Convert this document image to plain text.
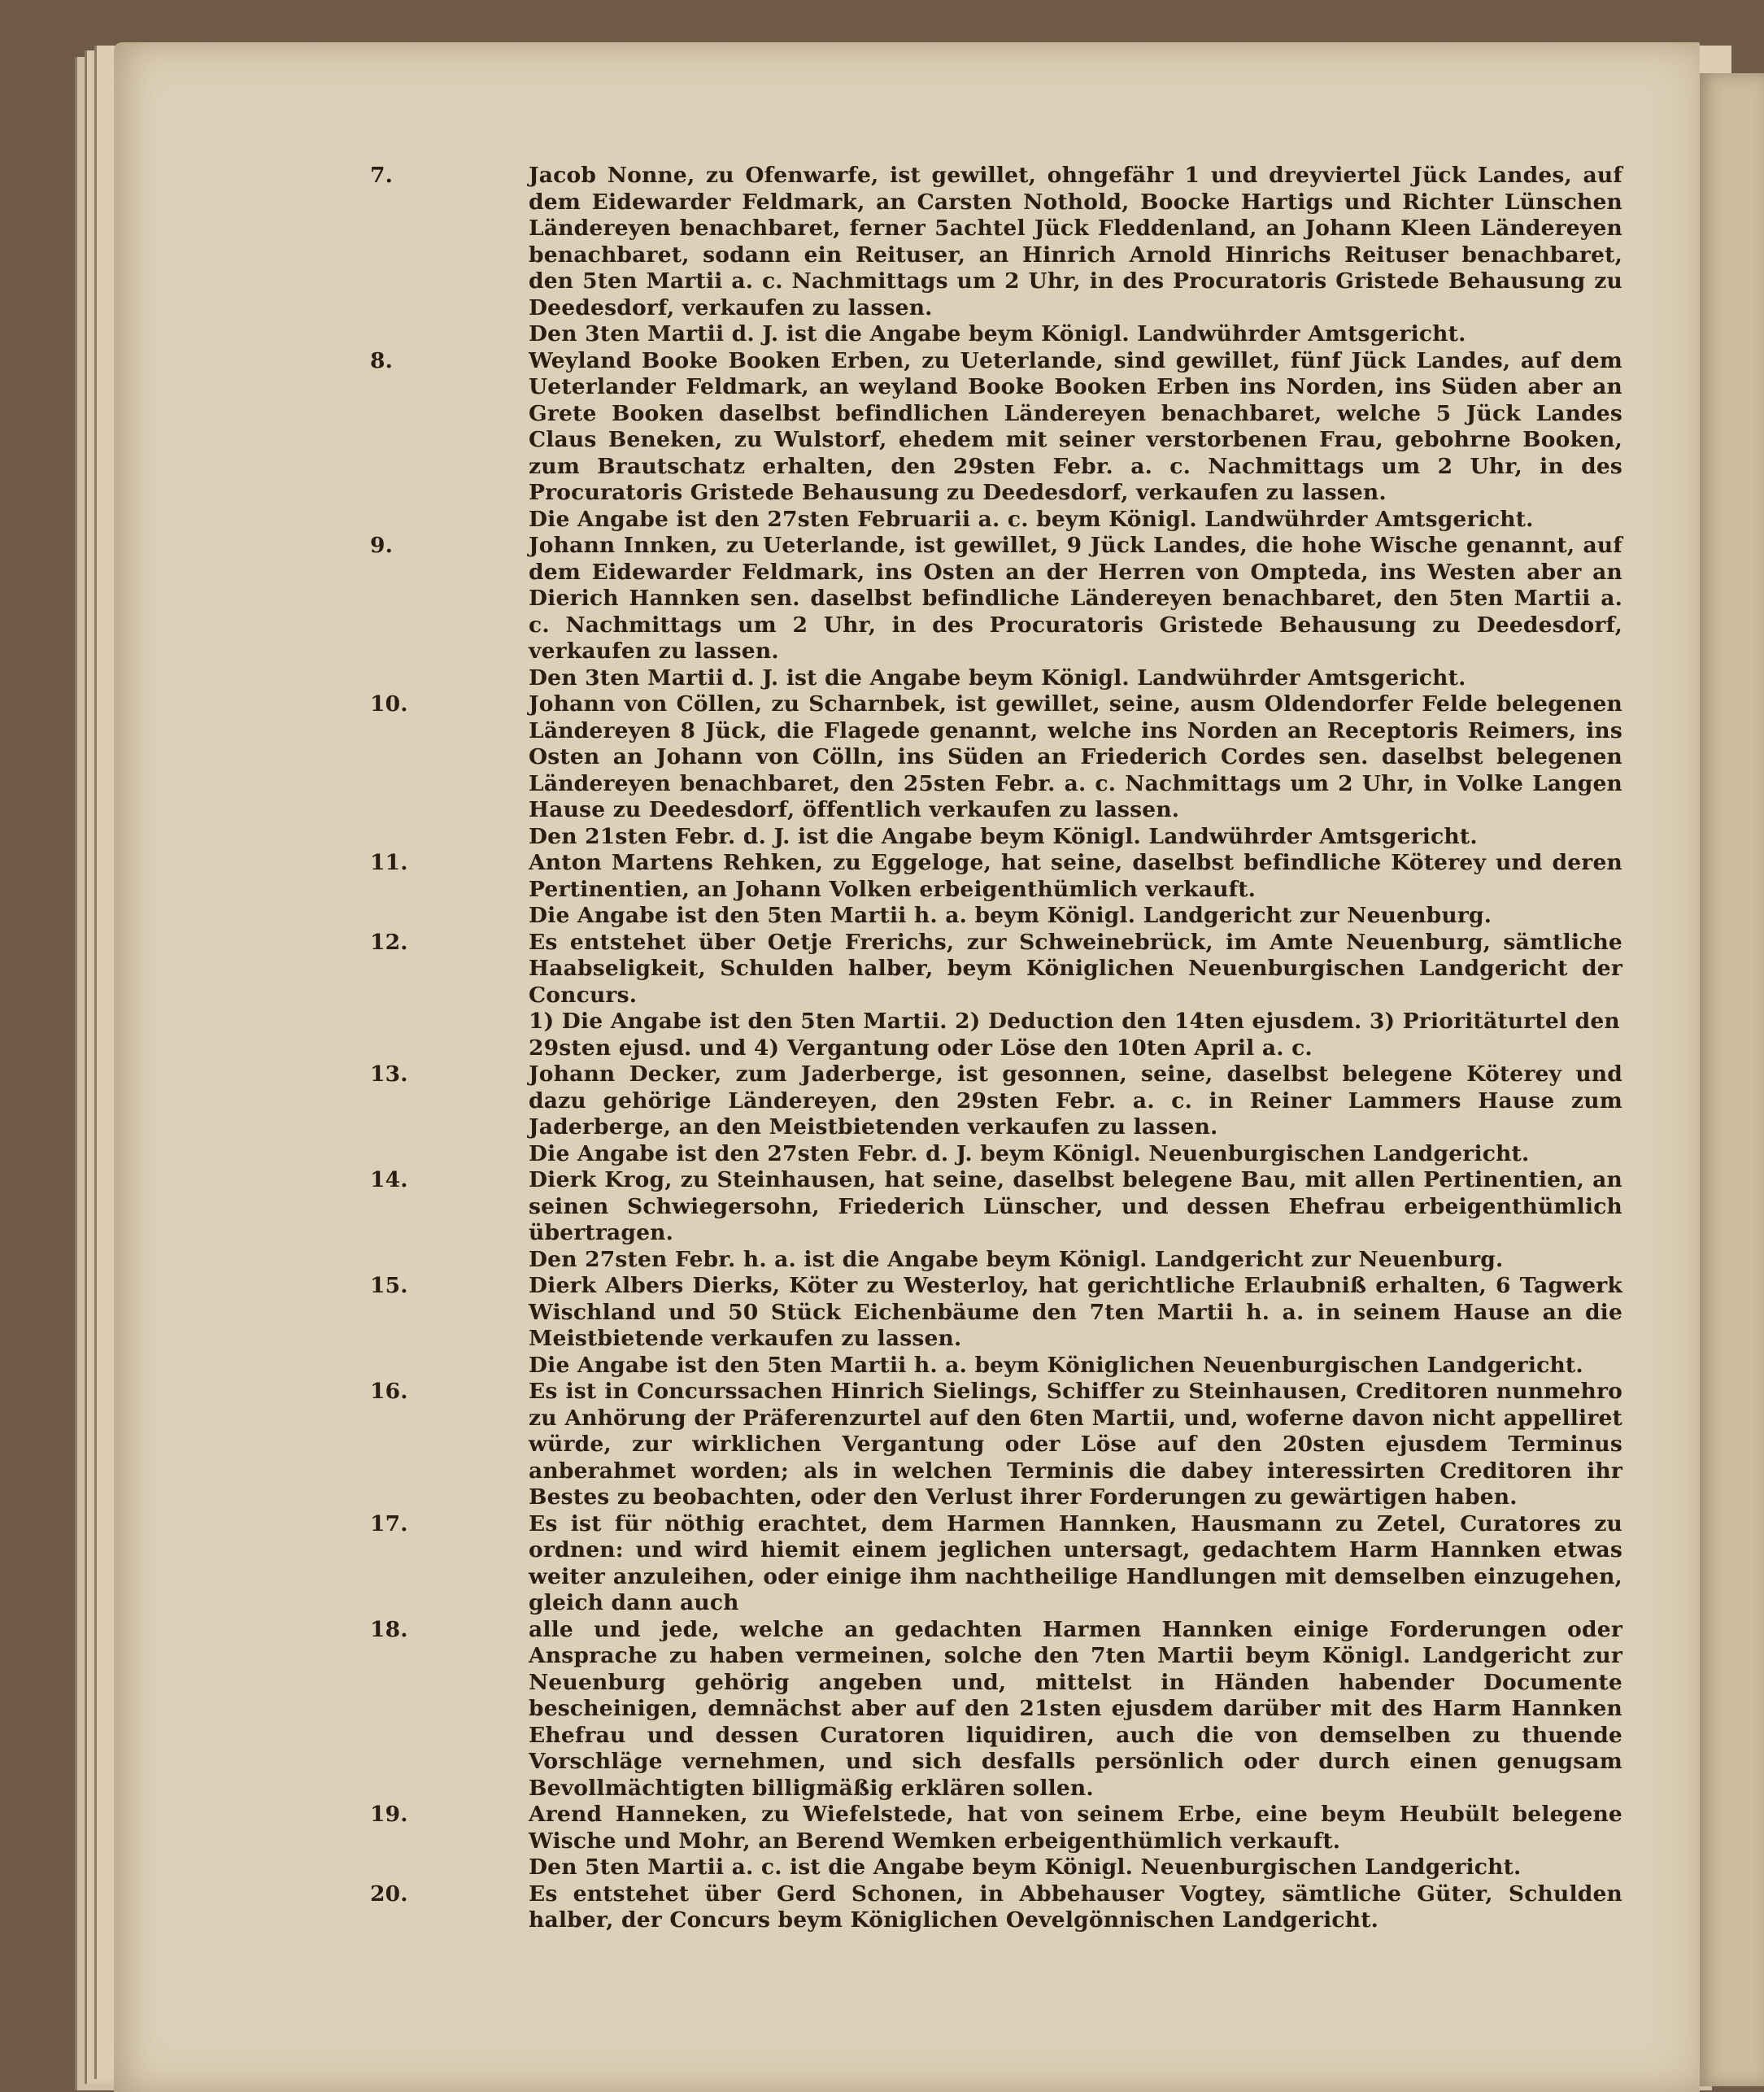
7.	Jacob Nonne, zu Ofenwarfe, ist gewillet, ohngefähr 1 und dreyviertel Jück Landes, auf dem Eidewarder Feldmark, an Carsten Nothold, Boocke Hartigs und Richter Lünschen Ländereyen benachbaret, ferner 5achtel Jück Fleddenland, an Johann Kleen Ländereyen benachbaret, sodann ein Reituser, an Hinrich Arnold Hinrichs Reituser benachbaret, den 5ten Martii a. c. Nachmittags um 2 Uhr, in des Procuratoris Gristede Behausung zu Deedesdorf, verkaufen zu lassen.
Den 3ten Martii d. J. ist die Angabe beym Königl. Landwührder Amtsgericht.
8.	Weyland Booke Booken Erben, zu Ueterlande, sind gewillet, fünf Jück Landes, auf dem Ueterlander Feldmark, an weyland Booke Booken Erben ins Norden, ins Süden aber an Grete Booken daselbst befindlichen Ländereyen benachbaret, welche 5 Jück Landes Claus Beneken, zu Wulstorf, ehedem mit seiner verstorbenen Frau, gebohrne Booken, zum Brautschatz erhalten, den 29sten Febr. a. c. Nachmittags um 2 Uhr, in des Procuratoris Gristede Behausung zu Deedesdorf, verkaufen zu lassen.
Die Angabe ist den 27sten Februarii a. c. beym Königl. Landwührder Amtsgericht.
9.	Johann Innken, zu Ueterlande, ist gewillet, 9 Jück Landes, die hohe Wische genannt, auf dem Eidewarder Feldmark, ins Osten an der Herren von Ompteda, ins Westen aber an Dierich Hannken sen. daselbst befindliche Ländereyen benachbaret, den 5ten Martii a. c. Nachmittags um 2 Uhr, in des Procuratoris Gristede Behausung zu Deedesdorf, verkaufen zu lassen.
Den 3ten Martii d. J. ist die Angabe beym Königl. Landwührder Amtsgericht.
10.	Johann von Cöllen, zu Scharnbek, ist gewillet, seine, ausm Oldendorfer Felde belegenen Ländereyen 8 Jück, die Flagede genannt, welche ins Norden an Receptoris Reimers, ins Osten an Johann von Cölln, ins Süden an Friederich Cordes sen. daselbst belegenen Ländereyen benachbaret, den 25sten Febr. a. c. Nachmittags um 2 Uhr, in Volke Langen Hause zu Deedesdorf, öffentlich verkaufen zu lassen.
Den 21sten Febr. d. J. ist die Angabe beym Königl. Landwührder Amtsgericht.
11.	Anton Martens Rehken, zu Eggeloge, hat seine, daselbst befindliche Köterey und deren Pertinentien, an Johann Volken erbeigenthümlich verkauft.
Die Angabe ist den 5ten Martii h. a. beym Königl. Landgericht zur Neuenburg.
12.	Es entstehet über Oetje Frerichs, zur Schweinebrück, im Amte Neuenburg, sämtliche Haabseligkeit, Schulden halber, beym Königlichen Neuenburgischen Landgericht der Concurs.
1) Die Angabe ist den 5ten Martii. 2) Deduction den 14ten ejusdem. 3) Prioritäturtel den 29sten ejusd. und 4) Vergantung oder Löse den 10ten April a. c.
13.	Johann Decker, zum Jaderberge, ist gesonnen, seine, daselbst belegene Köterey und dazu gehörige Ländereyen, den 29sten Febr. a. c. in Reiner Lammers Hause zum Jaderberge, an den Meistbietenden verkaufen zu lassen.
Die Angabe ist den 27sten Febr. d. J. beym Königl. Neuenburgischen Landgericht.
14.	Dierk Krog, zu Steinhausen, hat seine, daselbst belegene Bau, mit allen Pertinentien, an seinen Schwiegersohn, Friederich Lünscher, und dessen Ehefrau erbeigenthümlich übertragen.
Den 27sten Febr. h. a. ist die Angabe beym Königl. Landgericht zur Neuenburg.
15.	Dierk Albers Dierks, Köter zu Westerloy, hat gerichtliche Erlaubniß erhalten, 6 Tagwerk Wischland und 50 Stück Eichenbäume den 7ten Martii h. a. in seinem Hause an die Meistbietende verkaufen zu lassen.
Die Angabe ist den 5ten Martii h. a. beym Königlichen Neuenburgischen Landgericht.
16.	Es ist in Concurssachen Hinrich Sielings, Schiffer zu Steinhausen, Creditoren nunmehro zu Anhörung der Präferenzurtel auf den 6ten Martii, und, woferne davon nicht appelliret würde, zur wirklichen Vergantung oder Löse auf den 20sten ejusdem Terminus anberahmet worden; als in welchen Terminis die dabey interessirten Creditoren ihr Bestes zu beobachten, oder den Verlust ihrer Forderungen zu gewärtigen haben.
17.	Es ist für nöthig erachtet, dem Harmen Hannken, Hausmann zu Zetel, Curatores zu ordnen: und wird hiemit einem jeglichen untersagt, gedachtem Harm Hannken etwas weiter anzuleihen, oder einige ihm nachtheilige Handlungen mit demselben einzugehen, gleich dann auch
18.	alle und jede, welche an gedachten Harmen Hannken einige Forderungen oder Ansprache zu haben vermeinen, solche den 7ten Martii beym Königl. Landgericht zur Neuenburg gehörig angeben und, mittelst in Händen habender Documente bescheinigen, demnächst aber auf den 21sten ejusdem darüber mit des Harm Hannken Ehefrau und dessen Curatoren liquidiren, auch die von demselben zu thuende Vorschläge vernehmen, und sich desfalls persönlich oder durch einen genugsam Bevollmächtigten billigmäßig erklären sollen.
19.	Arend Hanneken, zu Wiefelstede, hat von seinem Erbe, eine beym Heubült belegene Wische und Mohr, an Berend Wemken erbeigenthümlich verkauft.
Den 5ten Martii a. c. ist die Angabe beym Königl. Neuenburgischen Landgericht.
20.	Es entstehet über Gerd Schonen, in Abbehauser Vogtey, sämtliche Güter, Schulden halber, der Concurs beym Königlichen Oevelgönnischen Landgericht.
